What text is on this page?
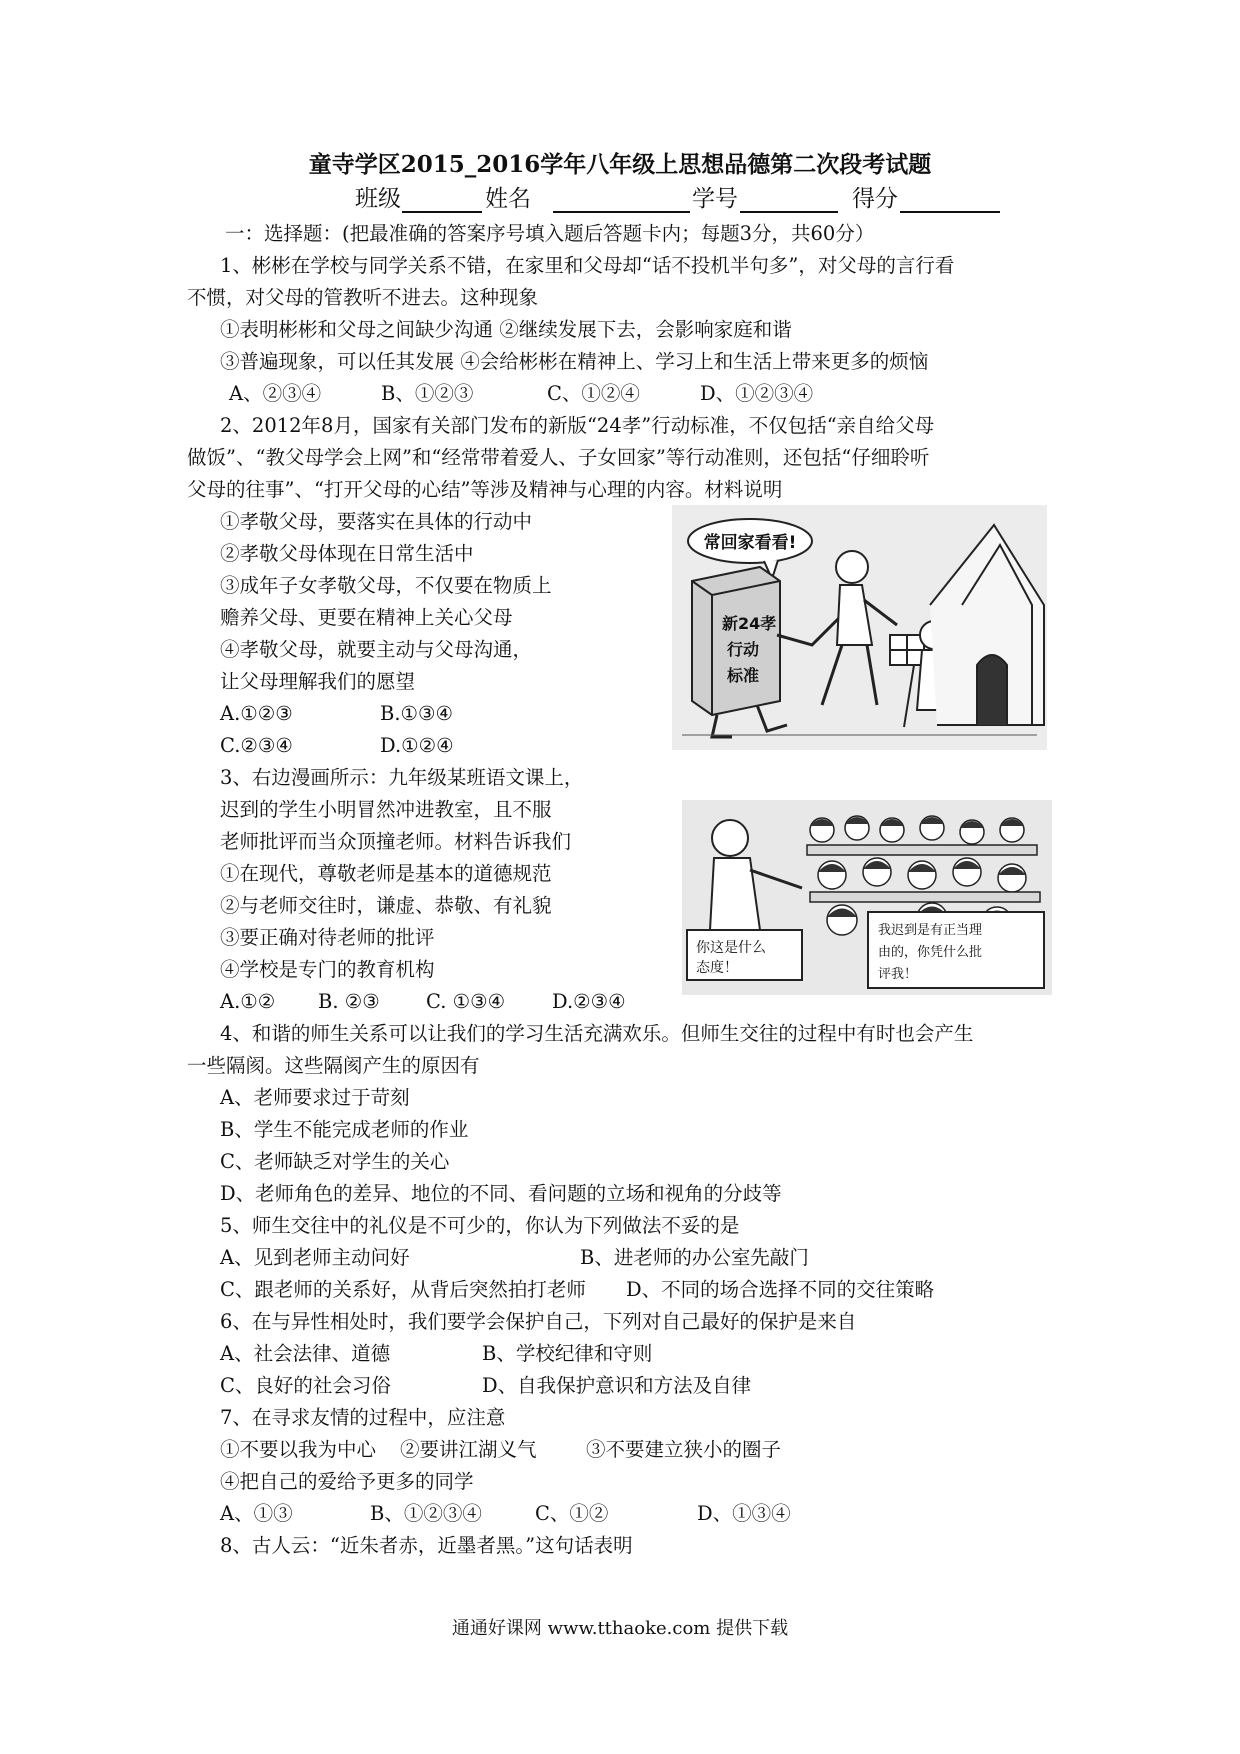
童寺学区2015_2016学年八年级上思想品德第二次段考试题
班级	姓名	学号	得分
一：选择题：(把最准确的答案序号填入题后答题卡内；每题3分，共60分）
1、彬彬在学校与同学关系不错，在家里和父母却“话不投机半句多”，对父母的言行看
不惯，对父母的管教听不进去。这种现象
①表明彬彬和父母之间缺少沟通 ②继续发展下去，会影响家庭和谐
③普遍现象，可以任其发展 ④会给彬彬在精神上、学习上和生活上带来更多的烦恼
A、②③④	B、①②③	C、①②④	D、①②③④
2、2012年8月，国家有关部门发布的新版“24孝”行动标准，不仅包括“亲自给父母
做饭”、“教父母学会上网”和“经常带着爱人、子女回家”等行动准则，还包括“仔细聆听
父母的往事”、“打开父母的心结”等涉及精神与心理的内容。材料说明
①孝敬父母，要落实在具体的行动中
②孝敬父母体现在日常生活中
③成年子女孝敬父母，不仅要在物质上
赡养父母、更要在精神上关心父母
④孝敬父母，就要主动与父母沟通，
让父母理解我们的愿望
A.①②③	B.①③④
C.②③④	D.①②④
常回家看看!
新24孝
行动
标准
3、右边漫画所示：九年级某班语文课上，
迟到的学生小明冒然冲进教室，且不服
老师批评而当众顶撞老师。材料告诉我们
①在现代，尊敬老师是基本的道德规范
②与老师交往时，谦虚、恭敬、有礼貌
③要正确对待老师的批评
④学校是专门的教育机构
A.①② B. ②③ C. ①③④ D.②③④
你这是什么
态度！
我迟到是有正当理
由的，你凭什么批
评我！
4、和谐的师生关系可以让我们的学习生活充满欢乐。但师生交往的过程中有时也会产生
一些隔阂。这些隔阂产生的原因有
A、老师要求过于苛刻
B、学生不能完成老师的作业
C、老师缺乏对学生的关心
D、老师角色的差异、地位的不同、看问题的立场和视角的分歧等
5、师生交往中的礼仪是不可少的，你认为下列做法不妥的是
A、见到老师主动问好	B、进老师的办公室先敲门
C、跟老师的关系好，从背后突然拍打老师 D、不同的场合选择不同的交往策略
6、在与异性相处时，我们要学会保护自己，下列对自己最好的保护是来自
A、社会法律、道德	B、学校纪律和守则
C、良好的社会习俗	D、自我保护意识和方法及自律
7、在寻求友情的过程中，应注意
①不要以我为中心 ②要讲江湖义气	③不要建立狭小的圈子
④把自己的爱给予更多的同学
A、①③	B、①②③④	C、①②	D、①③④
8、古人云：“近朱者赤，近墨者黑。”这句话表明
通通好课网 www.tthaoke.com 提供下载
